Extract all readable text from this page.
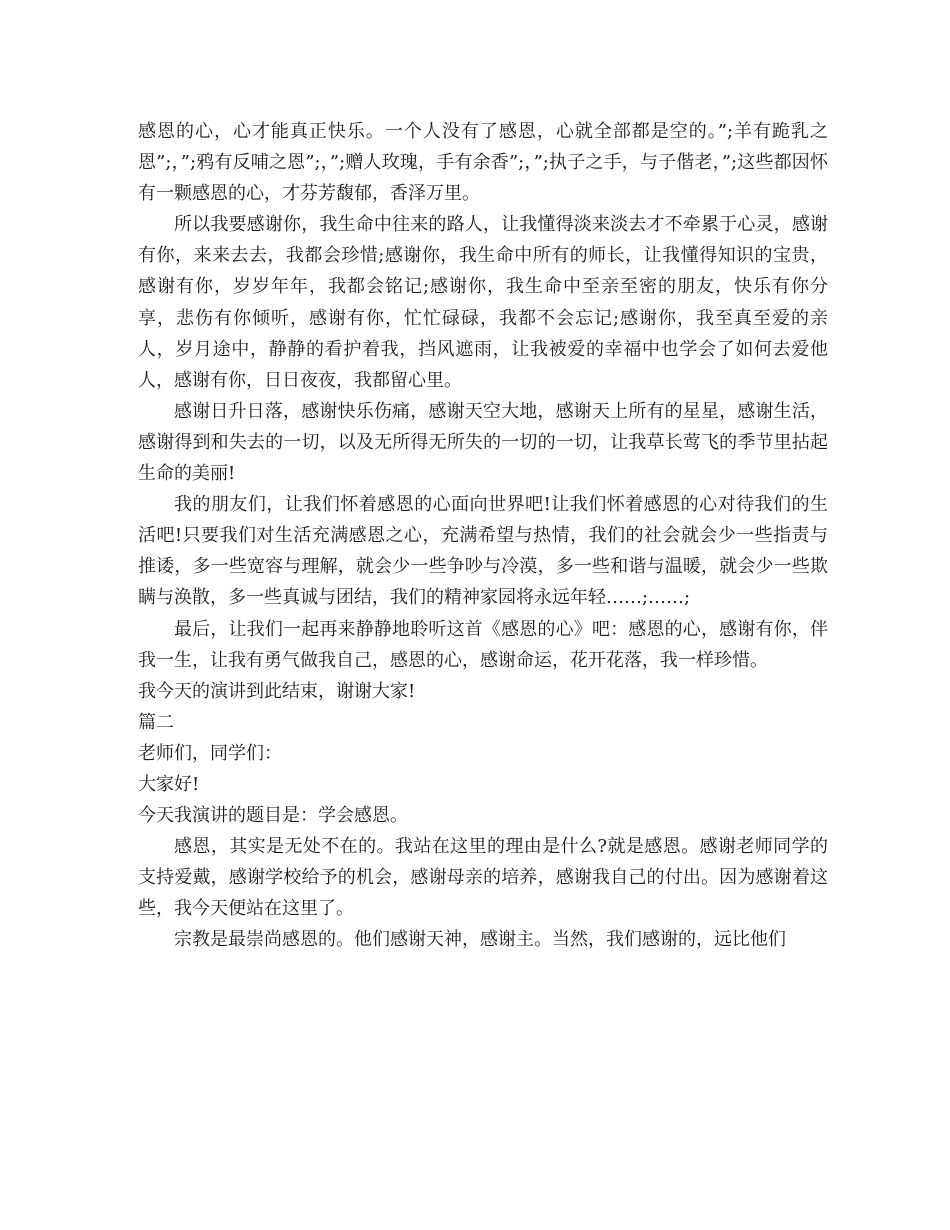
感恩的心，心才能真正快乐。一个人没有了感恩，心就全部都是空的。”;羊有跪乳之恩”;，”;鸦有反哺之恩”;，”;赠人玫瑰，手有余香”;，”;执子之手，与子偕老，”;这些都因怀有一颗感恩的心，才芬芳馥郁，香泽万里。

所以我要感谢你，我生命中往来的路人，让我懂得淡来淡去才不牵累于心灵，感谢有你，来来去去，我都会珍惜;感谢你，我生命中所有的师长，让我懂得知识的宝贵，感谢有你，岁岁年年，我都会铭记;感谢你，我生命中至亲至密的朋友，快乐有你分享，悲伤有你倾听，感谢有你，忙忙碌碌，我都不会忘记;感谢你，我至真至爱的亲人，岁月途中，静静的看护着我，挡风遮雨，让我被爱的幸福中也学会了如何去爱他人，感谢有你，日日夜夜，我都留心里。

感谢日升日落，感谢快乐伤痛，感谢天空大地，感谢天上所有的星星，感谢生活，感谢得到和失去的一切，以及无所得无所失的一切的一切，让我草长莺飞的季节里拈起生命的美丽!

我的朋友们，让我们怀着感恩的心面向世界吧!让我们怀着感恩的心对待我们的生活吧!只要我们对生活充满感恩之心，充满希望与热情，我们的社会就会少一些指责与推诿，多一些宽容与理解，就会少一些争吵与冷漠，多一些和谐与温暖，就会少一些欺瞒与涣散，多一些真诚与团结，我们的精神家园将永远年轻……;……;

最后，让我们一起再来静静地聆听这首《感恩的心》吧：感恩的心，感谢有你，伴我一生，让我有勇气做我自己，感恩的心，感谢命运，花开花落，我一样珍惜。

我今天的演讲到此结束，谢谢大家!

篇二

老师们，同学们：

大家好!

今天我演讲的题目是：学会感恩。

感恩，其实是无处不在的。我站在这里的理由是什么?就是感恩。感谢老师同学的支持爱戴，感谢学校给予的机会，感谢母亲的培养，感谢我自己的付出。因为感谢着这些，我今天便站在这里了。

宗教是最崇尚感恩的。他们感谢天神，感谢主。当然，我们感谢的，远比他们
